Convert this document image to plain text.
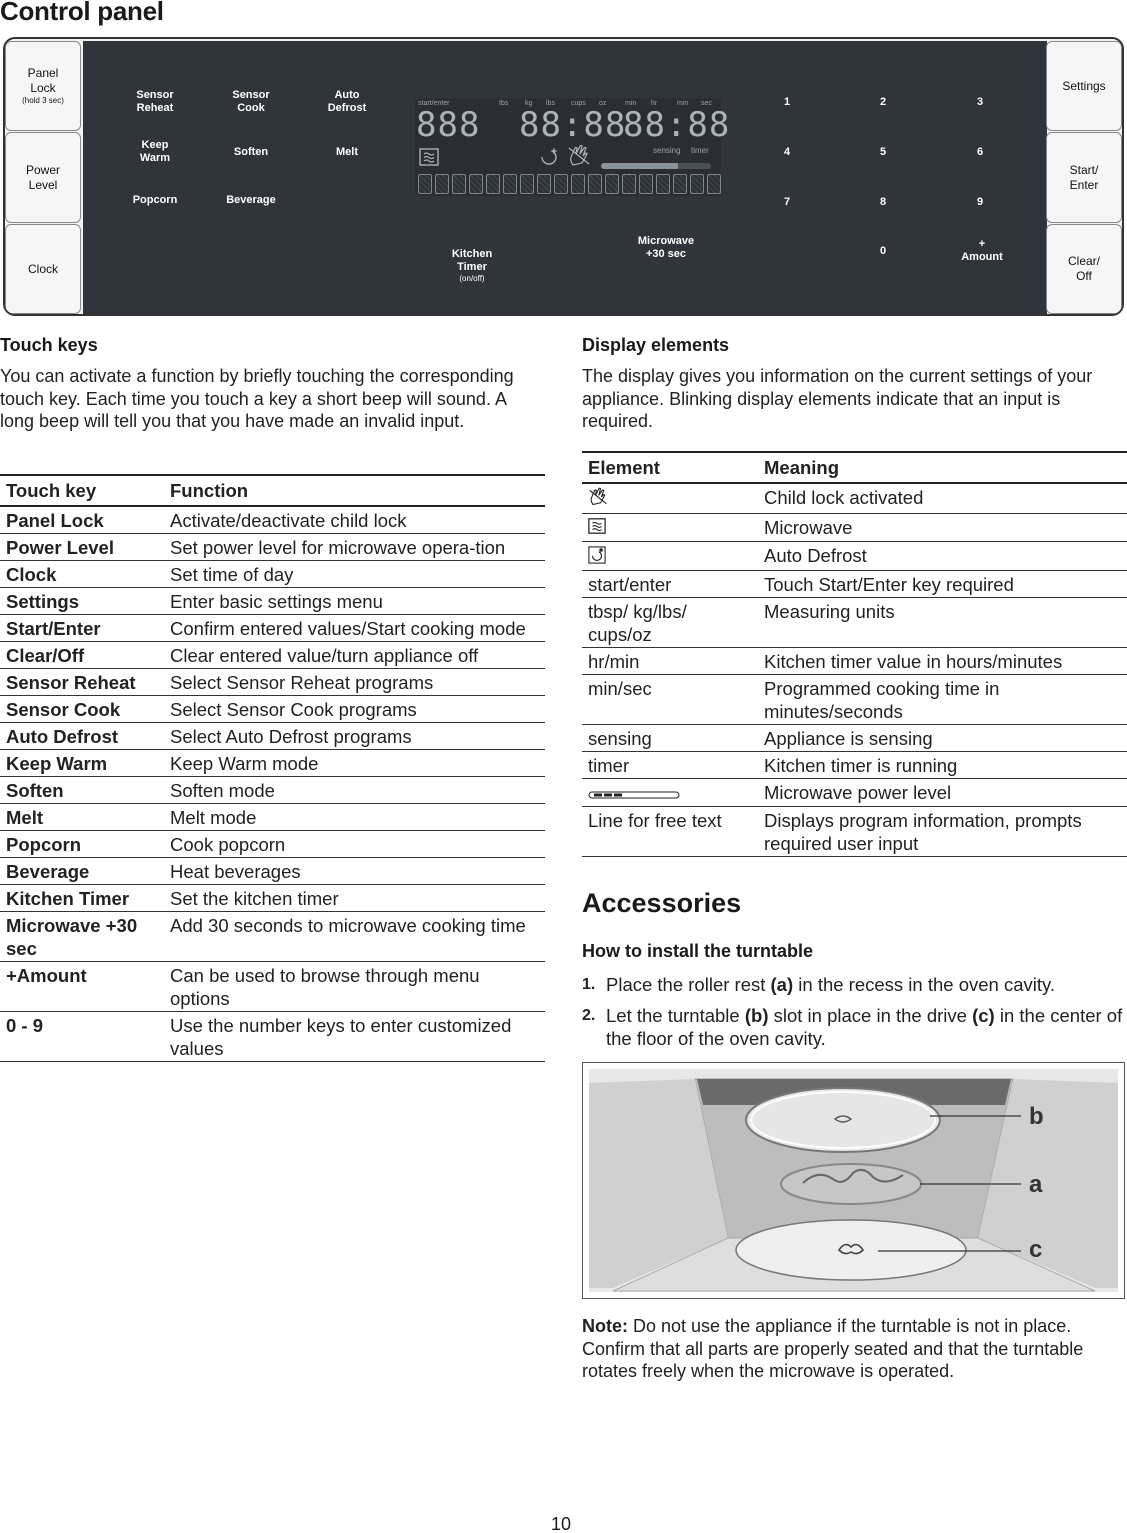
Control panel
Panel
Lock
(hold 3 sec)
Power
Level
Clock
Sensor
Reheat
Sensor
Cook
Auto
Defrost
Keep
Warm	Soften	Melt
Popcorn	Beverage

Kitchen
Timer

(on/off)

Microwave
+30 sec
1	2	3
4	5	6
7	8	9
0
+
Amount
start/enter	tbs kg lbs cups oz	min hr	min sec
888 88:88
88:88
sensing timer
Settings
Start/
Enter
Clear/
Off
Touch keys
You can activate a function by briefly touching the corresponding touch key. Each time you touch a key a short beep will sound. A long beep will tell you that you have made an invalid input.
Touch key	Function
Panel Lock	Activate/deactivate child lock
Power Level	Set power level for microwave opera-tion
Clock	Set time of day
Settings	Enter basic settings menu
Start/Enter	Confirm entered values/Start cooking mode
Clear/Off	Clear entered value/turn appliance off
Sensor Reheat	Select Sensor Reheat programs
Sensor Cook	Select Sensor Cook programs
Auto Defrost	Select Auto Defrost programs
Keep Warm	Keep Warm mode
Soften	Soften mode
Melt	Melt mode
Popcorn	Cook popcorn
Beverage	Heat beverages
Kitchen Timer	Set the kitchen timer
Microwave +30 sec	Add 30 seconds to microwave cooking time
+Amount	Can be used to browse through menu options
0 - 9	Use the number keys to enter customized values
Display elements
The display gives you information on the current settings of your appliance. Blinking display elements indicate that an input is required.
Element	Meaning
	Child lock activated
	Microwave
	Auto Defrost
start/enter	Touch Start/Enter key required
tbsp/ kg/lbs/ cups/oz	Measuring units
hr/min	Kitchen timer value in hours/minutes
min/sec	Programmed cooking time in minutes/seconds
sensing	Appliance is sensing
timer	Kitchen timer is running
	Microwave power level
Line for free text	Displays program information, prompts required user input
Accessories
How to install the turntable
1. Place the roller rest (a) in the recess in the oven cavity.
2. Let the turntable (b) slot in place in the drive (c) in the center of the floor of the oven cavity.
b
a
c
Note: Do not use the appliance if the turntable is not in place. Confirm that all parts are properly seated and that the turntable rotates freely when the microwave is operated.
10
